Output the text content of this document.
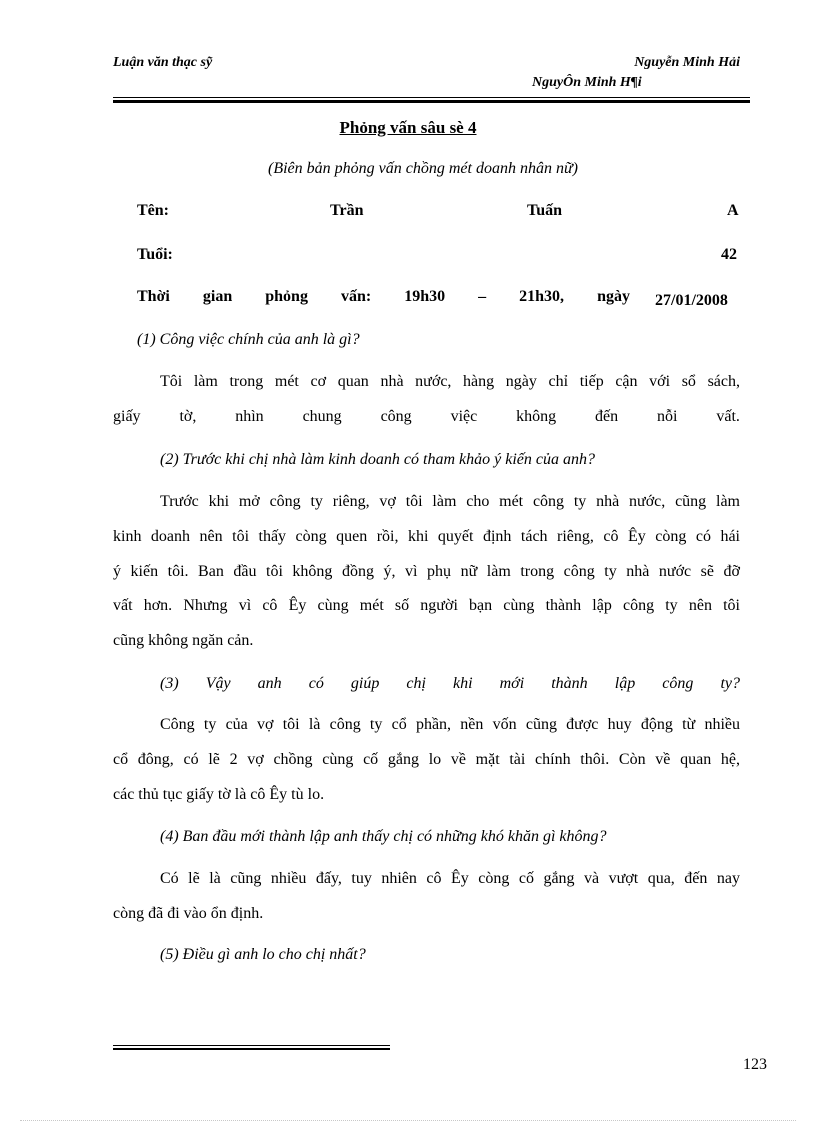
Luận văn thạc sỹ	Nguyễn Minh Hải
NguyÔn Minh H¶i
Phỏng vấn sâu sè 4
(Biên bản phỏng vấn chồng mét doanh nhân nữ)
Tên:	Trần	Tuấn	A
Tuổi:	42
Thời gian phỏng vấn: 19h30 – 21h30, ngày 27/01/2008
(1) Công việc chính của anh là gì?
Tôi làm trong mét cơ quan nhà nước, hàng ngày chỉ tiếp cận với sổ sách,
giấy tờ, nhìn chung công việc không đến nỗi vất.
(2) Trước khi chị nhà làm kinh doanh có tham khảo ý kiến của anh?
Trước khi mở công ty riêng, vợ tôi làm cho mét công ty nhà nước, cũng làm
kinh doanh nên tôi thấy còng quen rồi, khi quyết định tách riêng, cô Êy còng có hái
ý kiến tôi. Ban đầu tôi không đồng ý, vì phụ nữ làm trong công ty nhà nước sẽ đỡ
vất hơn. Nhưng vì cô Êy cùng mét số người bạn cùng thành lập công ty nên tôi
cũng không ngăn cản.
(3) Vậy anh có giúp chị khi mới thành lập công ty?
Công ty của vợ tôi là công ty cổ phần, nền vốn cũng được huy động từ nhiều
cổ đông, có lẽ 2 vợ chồng cùng cố gắng lo về mặt tài chính thôi. Còn về quan hệ,
các thủ tục giấy tờ là cô Êy tù lo.
(4) Ban đầu mới thành lập anh thấy chị có những khó khăn gì không?
Có lẽ là cũng nhiều đấy, tuy nhiên cô Êy còng cố gắng và vượt qua, đến nay
còng đã đi vào ổn định.
(5) Điều gì anh lo cho chị nhất?
123
